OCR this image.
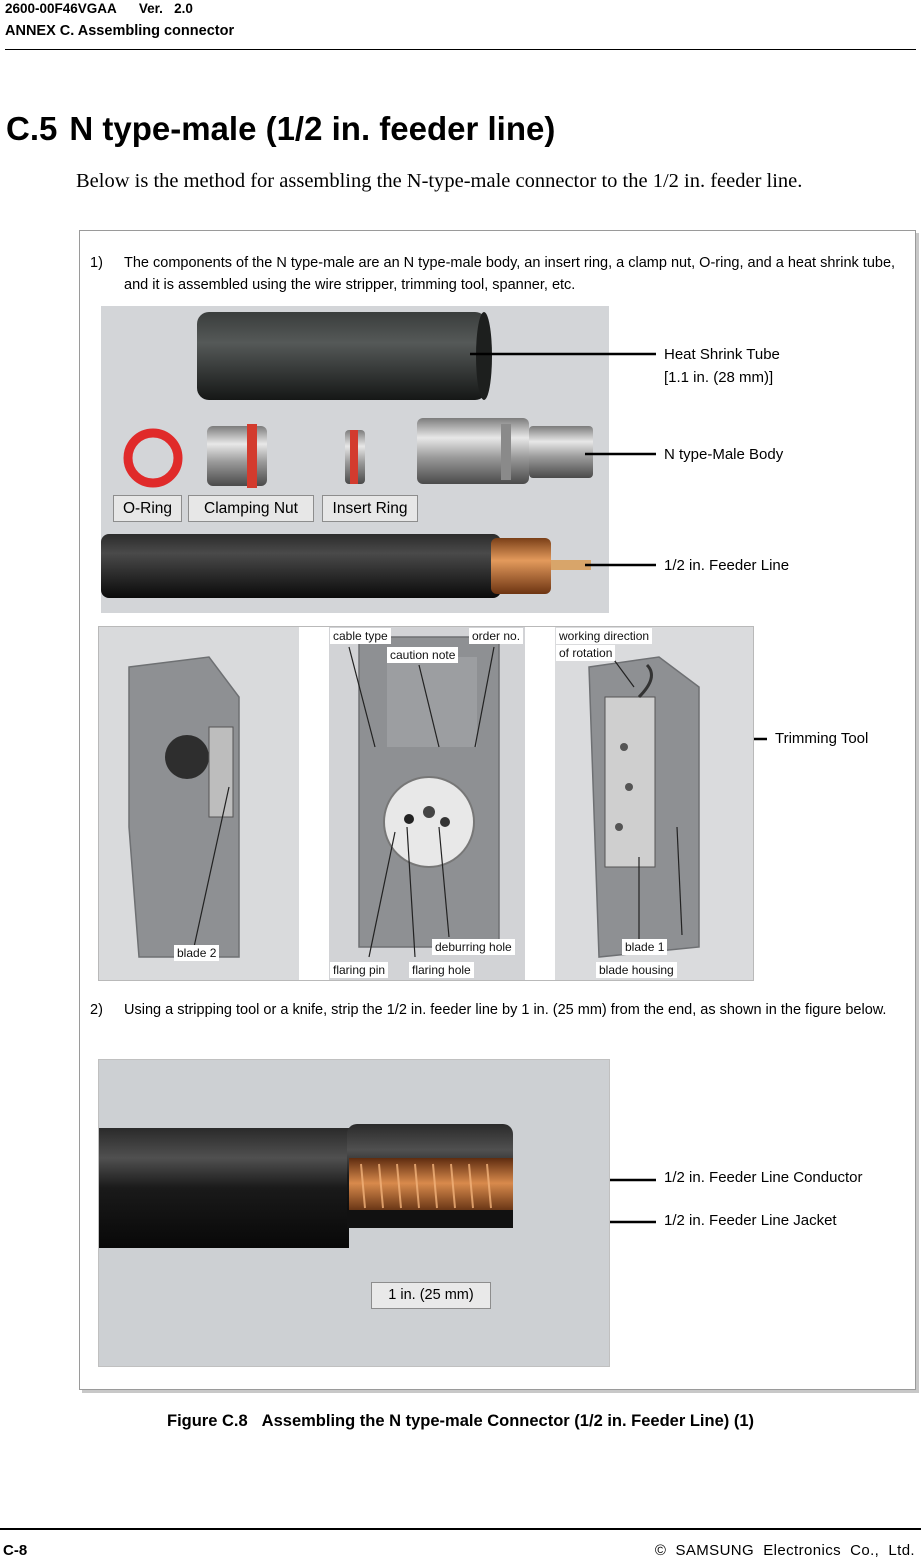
2600-00F46VGAA Ver.   2.0
ANNEX C. Assembling connector
C.5 N type-male (1/2 in. feeder line)
Below is the method for assembling the N-type-male connector to the 1/2 in. feeder line.
1)	The components of the N type-male are an N type-male body, an insert ring, a clamp nut, O-ring, and a heat shrink tube, and it is assembled using the wire stripper, trimming tool, spanner, etc.
O-Ring	Clamping Nut	Insert Ring
Heat Shrink Tube
[1.1 in. (28 mm)]
N type-Male Body
1/2 in. Feeder Line
cable type	order no.
caution note
working direction
of rotation
blade 2	deburring hole
flaring pin flaring hole
blade 1
blade housing
Trimming Tool
2)	Using a stripping tool or a knife, strip the 1/2 in. feeder line by 1 in. (25 mm) from the end, as shown in the figure below.
1 in. (25 mm)
1/2 in. Feeder Line Conductor
1/2 in. Feeder Line Jacket
Figure C.8 Assembling the N type-male Connector (1/2 in. Feeder Line) (1)
C-8	©  SAMSUNG  Electronics  Co.,  Ltd.
